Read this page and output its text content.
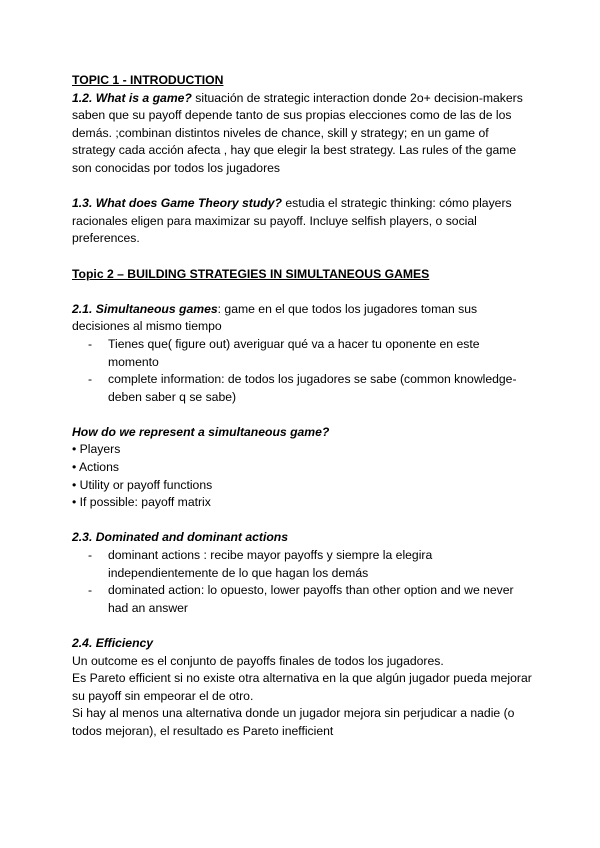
TOPIC 1 - INTRODUCTION

1.2. What is a game? situación de strategic interaction donde 2o+ decision-makers saben que su payoff depende tanto de sus propias elecciones como de las de los demás. ;combinan distintos niveles de chance, skill y strategy; en un game of strategy cada acción afecta , hay que elegir la best strategy. Las rules of the game son conocidas por todos los jugadores

1.3. What does Game Theory study? estudia el strategic thinking: cómo players racionales eligen para maximizar su payoff. Incluye selfish players, o social preferences.

Topic 2 – BUILDING STRATEGIES IN SIMULTANEOUS GAMES

2.1. Simultaneous games: game en el que todos los jugadores toman sus decisiones al mismo tiempo

- Tienes que( figure out) averiguar qué va a hacer tu oponente en este momento
- complete information: de todos los jugadores se sabe (common knowledge-deben saber q se sabe)

How do we represent a simultaneous game?

• Players

• Actions

• Utility or payoff functions

• If possible: payoff matrix

2.3. Dominated and dominant actions

- dominant actions : recibe mayor payoffs y siempre la elegira independientemente de lo que hagan los demás
- dominated action: lo opuesto, lower payoffs than other option and we never had an answer

2.4. Efficiency

Un outcome es el conjunto de payoffs finales de todos los jugadores.

Es Pareto efficient si no existe otra alternativa en la que algún jugador pueda mejorar su payoff sin empeorar el de otro.

Si hay al menos una alternativa donde un jugador mejora sin perjudicar a nadie (o todos mejoran), el resultado es Pareto inefficient
